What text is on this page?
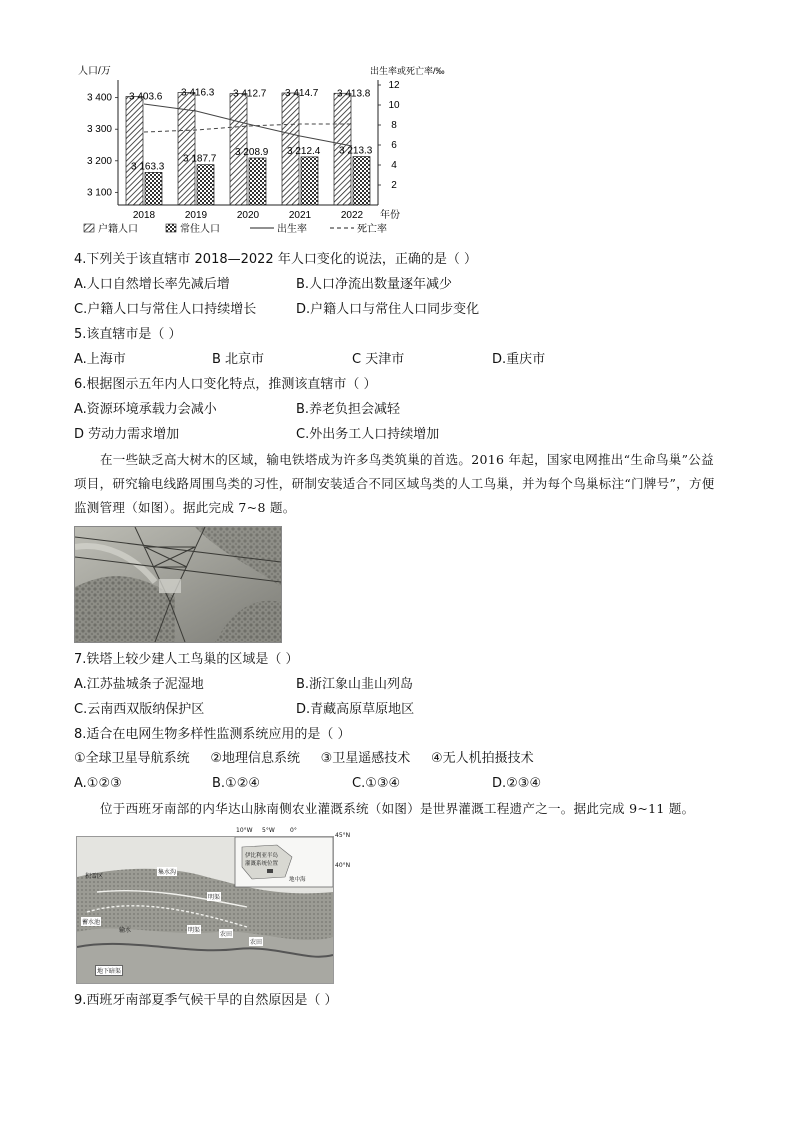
人口/万	出生率或死亡率/‰
3 100
3 200
3 300
3 400
2
4
6
8
10
12
3 403.6 3 416.3 3 412.7 3 414.7 3 413.8
3 163.3
3 187.7
3 208.9 3 212.4 3 213.3
2018	2019	2020	2021	2022 年份
户籍人口	常住人口	出生率	死亡率
4.下列关于该直辖市 2018—2022 年人口变化的说法，正确的是（ ）
A.人口自然增长率先减后增	B.人口净流出数量逐年减少
C.户籍人口与常住人口持续增长	D.户籍人口与常住人口同步变化
5.该直辖市是（ ）
A.上海市	B 北京市	C 天津市	D.重庆市
6.根据图示五年内人口变化特点，推测该直辖市（ ）
A.资源环境承载力会减小	B.养老负担会减轻
D 劳动力需求增加	C.外出务工人口持续增加
在一些缺乏高大树木的区域，输电铁塔成为许多鸟类筑巢的首选。2016 年起，国家电网推出“生命鸟巢”公益项目，研究输电线路周围鸟类的习性，研制安装适合不同区域鸟类的人工鸟巢，并为每个鸟巢标注“门牌号”，方便监测管理（如图）。据此完成 7~8 题。
7.铁塔上较少建人工鸟巢的区域是（ ）
A.江苏盐城条子泥湿地	B.浙江象山韭山列岛
C.云南西双版纳保护区	D.青藏高原草原地区
8.适合在电网生物多样性监测系统应用的是（ ）
①全球卫星导航系统     ②地理信息系统     ③卫星遥感技术     ④无人机拍摄技术
A.①②③	B.①②④	C.①③④	D.②③④
位于西班牙南部的内华达山脉南侧农业灌溉系统（如图）是世界灌溉工程遗产之一。据此完成 9~11 题。
积雪区
集水沟
明渠
明渠
农田
农田
蓄水池
输水
地下暗渠
伊比利亚半岛
灌溉系统位置
地中海
10°W 5°W	0°
45°N
40°N
9.西班牙南部夏季气候干旱的自然原因是（ ）
